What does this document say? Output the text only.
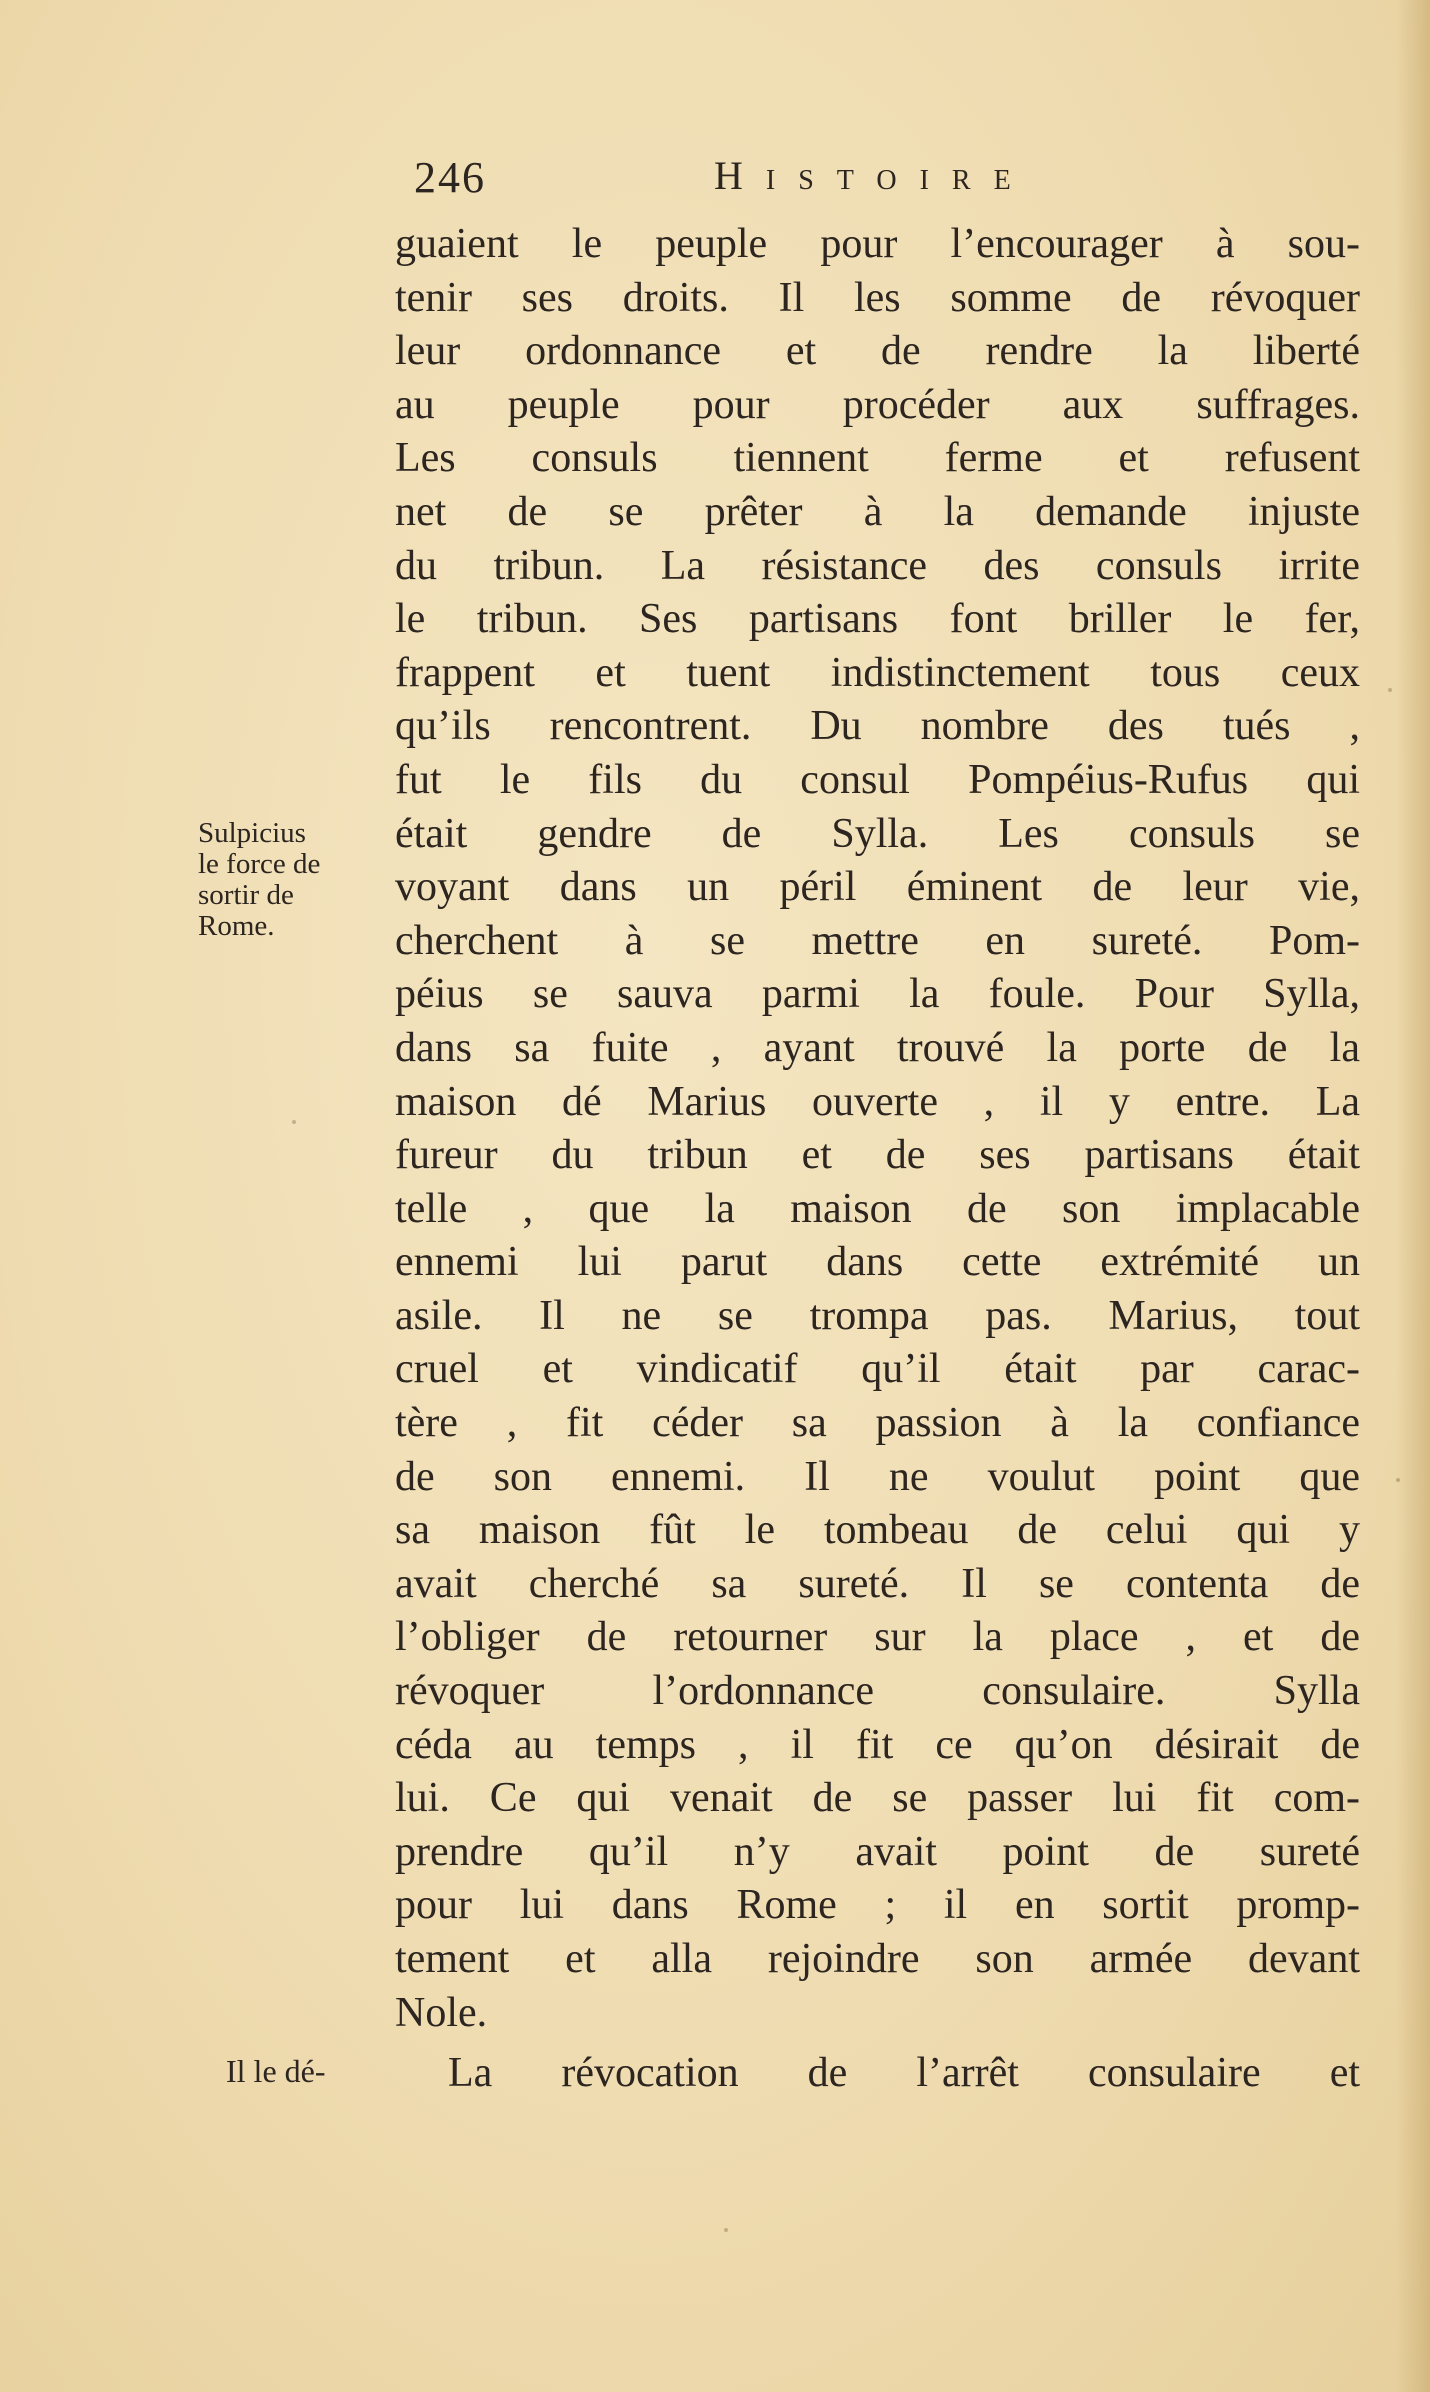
246	Histoire
Sulpicius
le force de
sortir de
Rome.
guaient le peuple pour l’encourager à sou-
tenir ses droits. Il les somme de révoquer
leur ordonnance et de rendre la liberté
au peuple pour procéder aux suffrages.
Les consuls tiennent ferme et refusent
net de se prêter à la demande injuste
du tribun. La résistance des consuls irrite
le tribun. Ses partisans font briller le fer,
frappent et tuent indistinctement tous ceux
qu’ils rencontrent. Du nombre des tués ,
fut le fils du consul Pompéius-Rufus qui
était gendre de Sylla. Les consuls se
voyant dans un péril éminent de leur vie,
cherchent à se mettre en sureté. Pom-
péius se sauva parmi la foule. Pour Sylla,
dans sa fuite , ayant trouvé la porte de la
maison dé Marius ouverte , il y entre. La
fureur du tribun et de ses partisans était
telle , que la maison de son implacable
ennemi lui parut dans cette extrémité un
asile. Il ne se trompa pas. Marius, tout
cruel et vindicatif qu’il était par carac-
tère , fit céder sa passion à la confiance
de son ennemi. Il ne voulut point que
sa maison fût le tombeau de celui qui y
avait cherché sa sureté. Il se contenta de
l’obliger de retourner sur la place , et de
révoquer l’ordonnance consulaire. Sylla
céda au temps , il fit ce qu’on désirait de
lui. Ce qui venait de se passer lui fit com-
prendre qu’il n’y avait point de sureté
pour lui dans Rome ; il en sortit promp-
tement et alla rejoindre son armée devant
Nole.
Il le dé-	La révocation de l’arrêt consulaire et
